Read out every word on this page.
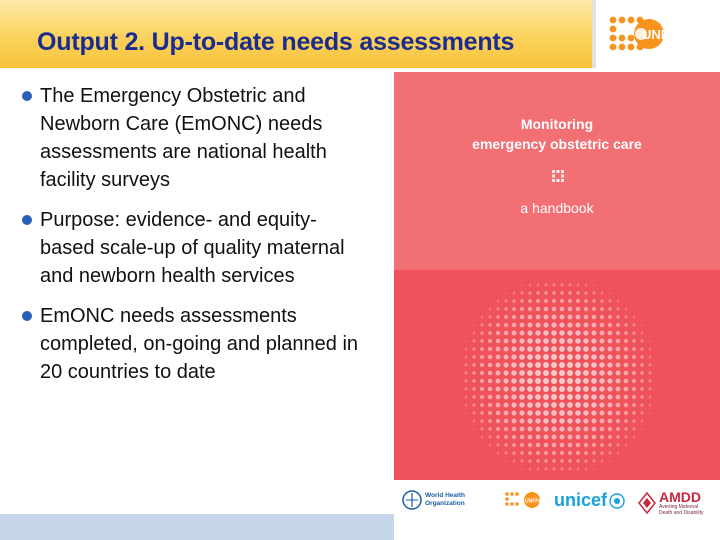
Output 2. Up-to-date needs assessments	UNFPA
The Emergency Obstetric and Newborn Care (EmONC) needs assessments are national health facility surveys
Purpose: evidence- and equity-based scale-up of quality maternal and newborn health services
EmONC needs assessments completed, on-going and planned in 20 countries to date
Monitoring
emergency obstetric care
a handbook
World Health
Organization	UNFPA unicef	AMDD
Averting Maternal
Death and Disability
